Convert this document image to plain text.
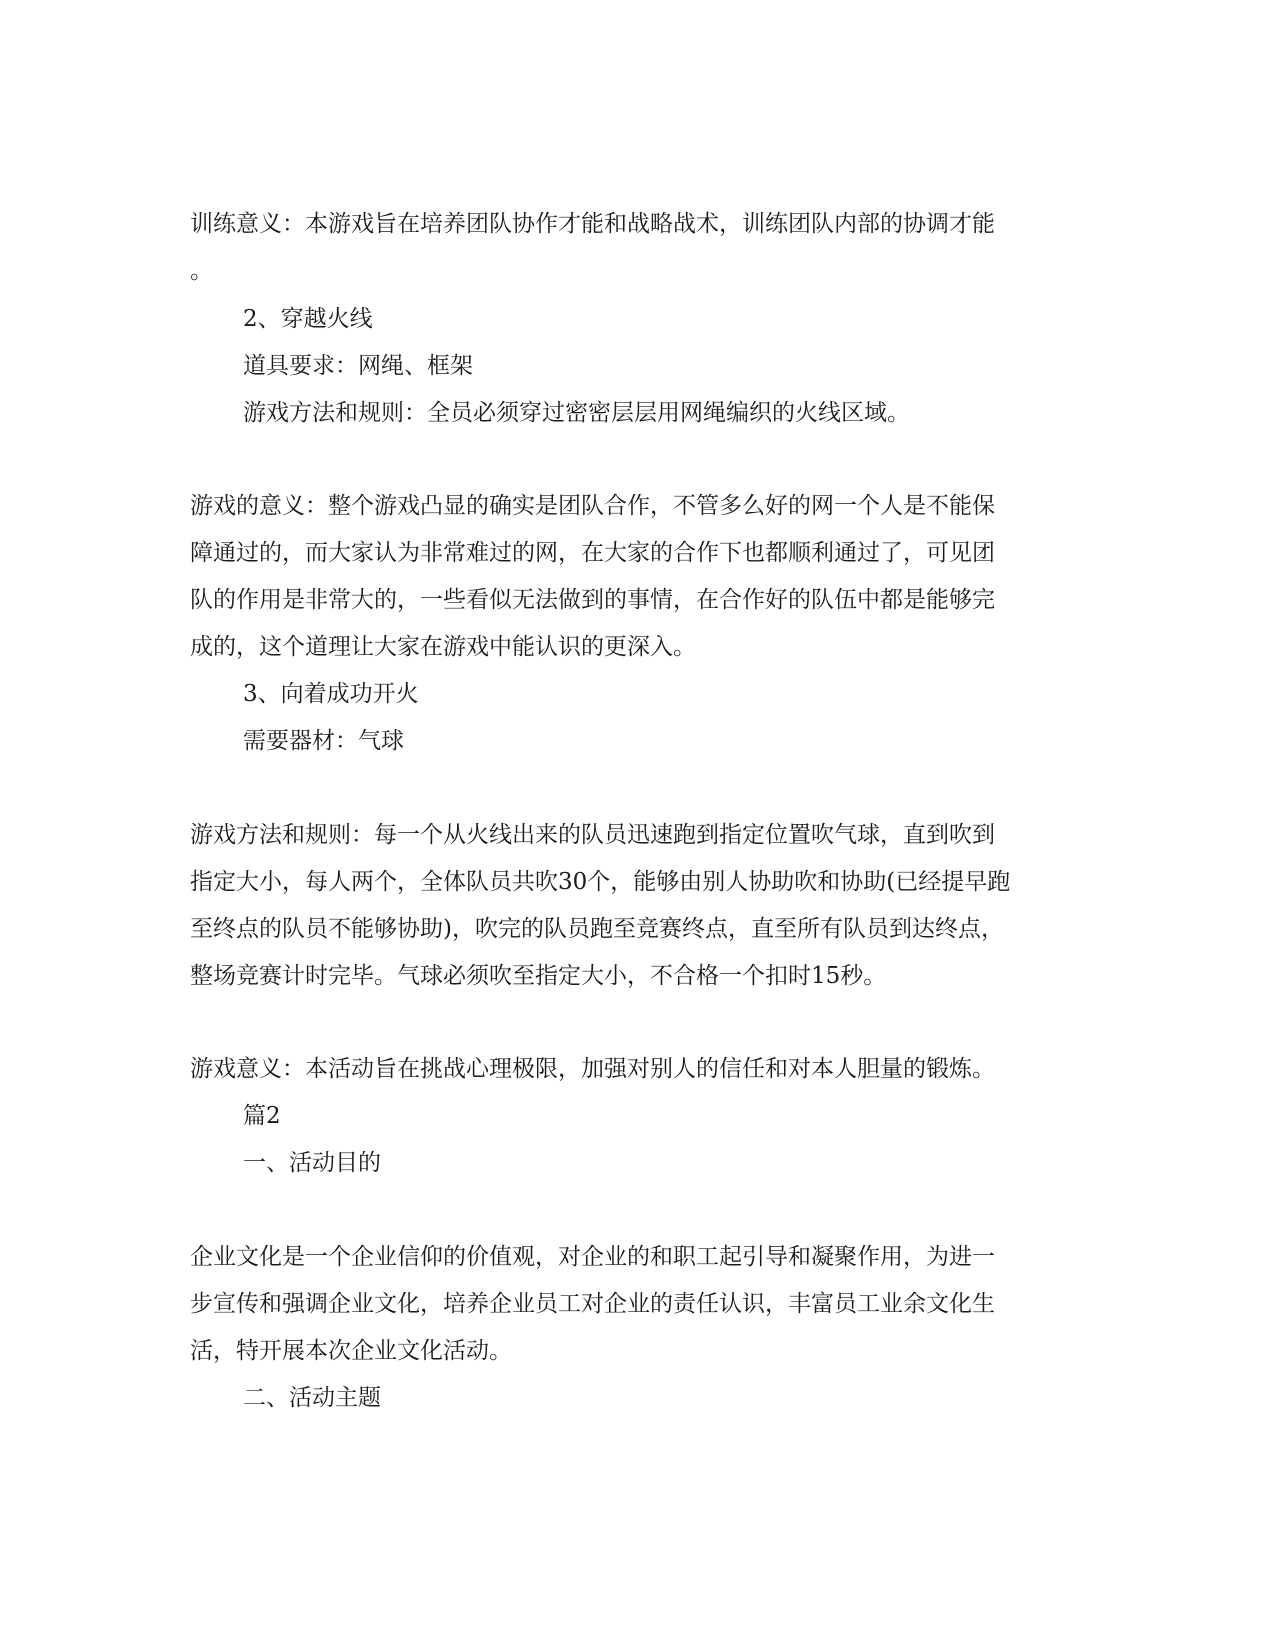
训练意义：本游戏旨在培养团队协作才能和战略战术，训练团队内部的协调才能
。
2、穿越火线
道具要求：网绳、框架
游戏方法和规则：全员必须穿过密密层层用网绳编织的火线区域。
游戏的意义：整个游戏凸显的确实是团队合作，不管多么好的网一个人是不能保
障通过的，而大家认为非常难过的网，在大家的合作下也都顺利通过了，可见团
队的作用是非常大的，一些看似无法做到的事情，在合作好的队伍中都是能够完
成的，这个道理让大家在游戏中能认识的更深入。
3、向着成功开火
需要器材：气球
游戏方法和规则：每一个从火线出来的队员迅速跑到指定位置吹气球，直到吹到
指定大小，每人两个，全体队员共吹30个，能够由别人协助吹和协助(已经提早跑
至终点的队员不能够协助)，吹完的队员跑至竞赛终点，直至所有队员到达终点，
整场竞赛计时完毕。气球必须吹至指定大小，不合格一个扣时15秒。
游戏意义：本活动旨在挑战心理极限，加强对别人的信任和对本人胆量的锻炼。
篇2
一、活动目的
企业文化是一个企业信仰的价值观，对企业的和职工起引导和凝聚作用，为进一
步宣传和强调企业文化，培养企业员工对企业的责任认识，丰富员工业余文化生
活，特开展本次企业文化活动。
二、活动主题
